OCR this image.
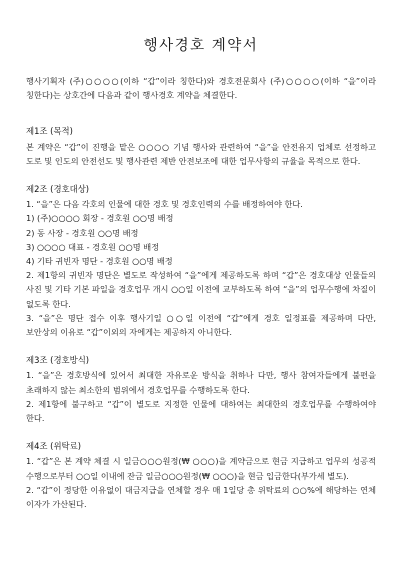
행사경호 계약서

행사기획자 (주)○○○○(이하 “갑”이라 칭한다)와 경호전문회사 (주)○○○○(이하 “을”이라 칭한다)는 상호간에 다음과 같이 행사경호 계약을 체결한다.

제1조 (목적)

본 계약은 “갑”이 진행을 맡은 ○○○○ 기념 행사와 관련하여 “을”을 안전유지 업체로 선정하고 도로 및 인도의 안전선도 및 행사관련 제반 안전보조에 대한 업무사항의 규율을 목적으로 한다.

제2조 (경호대상)

1. “을”은 다음 각호의 인물에 대한 경호 및 경호인력의 수를 배정하여야 한다.

1) (주)○○○○ 회장 - 경호원 ○○명 배정

2) 동 사장 - 경호원 ○○명 배정

3) ○○○○ 대표 - 경호원 ○○명 배정

4) 기타 귀빈자 명단 - 경호원 ○○명 배정

2. 제1항의 귀빈자 명단은 별도로 작성하여 “을”에게 제공하도록 하며 “갑”은 경호대상 인물들의 사진 및 기타 기본 파일을 경호업무 개시 ○○일 이전에 교부하도록 하여 “을”의 업무수행에 차질이 없도록 한다.

3. “을”은 명단 접수 이후 행사기일 ○○일 이전에 “갑”에게 경호 일정표를 제공하며 다만, 보안상의 이유로 “갑”이외의 자에게는 제공하지 아니한다.

제3조 (경호방식)

1. “을”은 경호방식에 있어서 최대한 자유로운 방식을 취하나 다만, 행사 참여자들에게 불편을 초래하지 않는 최소한의 범위에서 경호업무를 수행하도록 한다.

2. 제1항에 불구하고 “갑”이 별도로 지정한 인물에 대하여는 최대한의 경호업무를 수행하여야 한다.

제4조 (위탁료)

1. “갑”은 본 계약 체결 시 일금○○○원정(₩ ○○○)을 계약금으로 현금 지급하고 업무의 성공적 수행으로부터 ○○일 이내에 잔금 일금○○○원정(₩ ○○○)을 현금 입금한다(부가세 별도).

2. “갑”이 정당한 이유없이 대금지급을 연체할 경우 매 1일당 총 위탁료의 ○○%에 해당하는 연체 이자가 가산된다.
